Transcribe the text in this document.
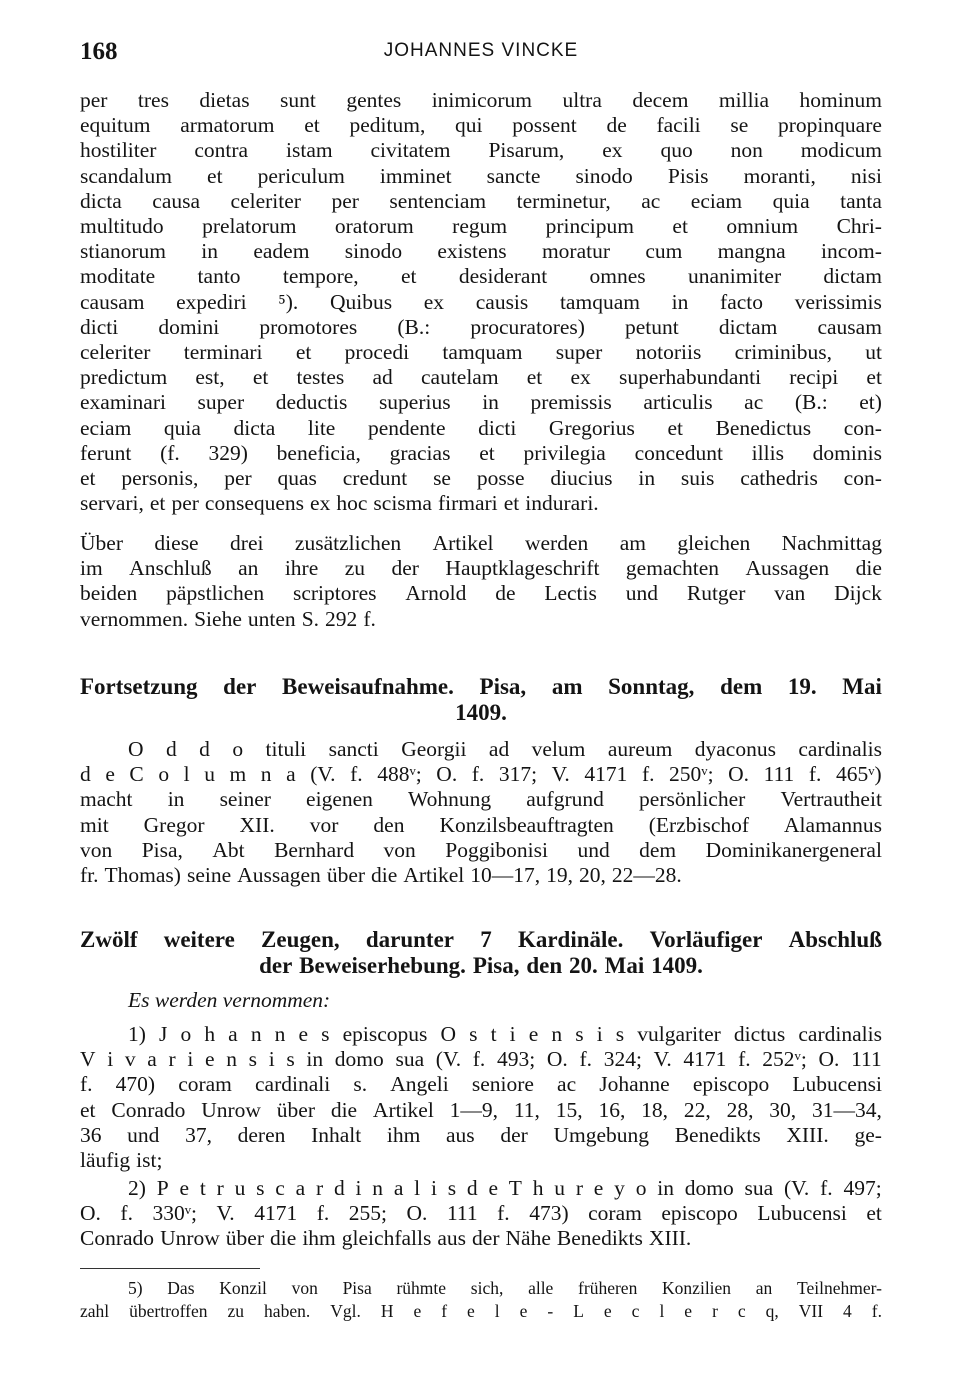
168	JOHANNES VINCKE
per tres dietas sunt gentes inimicorum ultra decem millia hominum
equitum armatorum et peditum, qui possent de facili se propinquare
hostiliter contra istam civitatem Pisarum, ex quo non modicum
scandalum et periculum imminet sancte sinodo Pisis moranti, nisi
dicta causa celeriter per sentenciam terminetur, ac eciam quia tanta
multitudo prelatorum oratorum regum principum et omnium Chri-
stianorum in eadem sinodo existens moratur cum mangna incom-
moditate tanto tempore, et desiderant omnes unanimiter dictam
causam expediri ⁵). Quibus ex causis tamquam in facto verissimis
dicti domini promotores (B.: procuratores) petunt dictam causam
celeriter terminari et procedi tamquam super notoriis criminibus, ut
predictum est, et testes ad cautelam et ex superhabundanti recipi et
examinari super deductis superius in premissis articulis ac (B.: et)
eciam quia dicta lite pendente dicti Gregorius et Benedictus con-
ferunt (f. 329) beneficia, gracias et privilegia concedunt illis dominis
et personis, per quas credunt se posse diucius in suis cathedris con-
servari, et per consequens ex hoc scisma firmari et indurari.
Über diese drei zusätzlichen Artikel werden am gleichen Nachmittag
im Anschluß an ihre zu der Hauptklageschrift gemachten Aussagen die
beiden päpstlichen scriptores Arnold de Lectis und Rutger van Dijck
vernommen. Siehe unten S. 292 f.
Fortsetzung der Beweisaufnahme. Pisa, am Sonntag, dem 19. Mai
1409.
O d d o tituli sancti Georgii ad velum aureum dyaconus cardinalis
d e C o l u m n a (V. f. 488ᵛ; O. f. 317; V. 4171 f. 250ᵛ; O. 111 f. 465ᵛ)
macht in seiner eigenen Wohnung aufgrund persönlicher Vertrautheit
mit Gregor XII. vor den Konzilsbeauftragten (Erzbischof Alamannus
von Pisa, Abt Bernhard von Poggibonisi und dem Dominikanergeneral
fr. Thomas) seine Aussagen über die Artikel 10—17, 19, 20, 22—28.
Zwölf weitere Zeugen, darunter 7 Kardinäle. Vorläufiger Abschluß
der Beweiserhebung. Pisa, den 20. Mai 1409.
Es werden vernommen:
1) J o h a n n e s episcopus O s t i e n s i s vulgariter dictus cardinalis
V i v a r i e n s i s in domo sua (V. f. 493; O. f. 324; V. 4171 f. 252ᵛ; O. 111
f. 470) coram cardinali s. Angeli seniore ac Johanne episcopo Lubucensi
et Conrado Unrow über die Artikel 1—9, 11, 15, 16, 18, 22, 28, 30, 31—34,
36 und 37, deren Inhalt ihm aus der Umgebung Benedikts XIII. ge-
läufig ist;
2) P e t r u s c a r d i n a l i s d e T h u r e y o in domo sua (V. f. 497;
O. f. 330ᵛ; V. 4171 f. 255; O. 111 f. 473) coram episcopo Lubucensi et
Conrado Unrow über die ihm gleichfalls aus der Nähe Benedikts XIII.
5) Das Konzil von Pisa rühmte sich, alle früheren Konzilien an Teilnehmer-
zahl übertroffen zu haben. Vgl. H e f e l e - L e c l e r c q, VII 4 f.
